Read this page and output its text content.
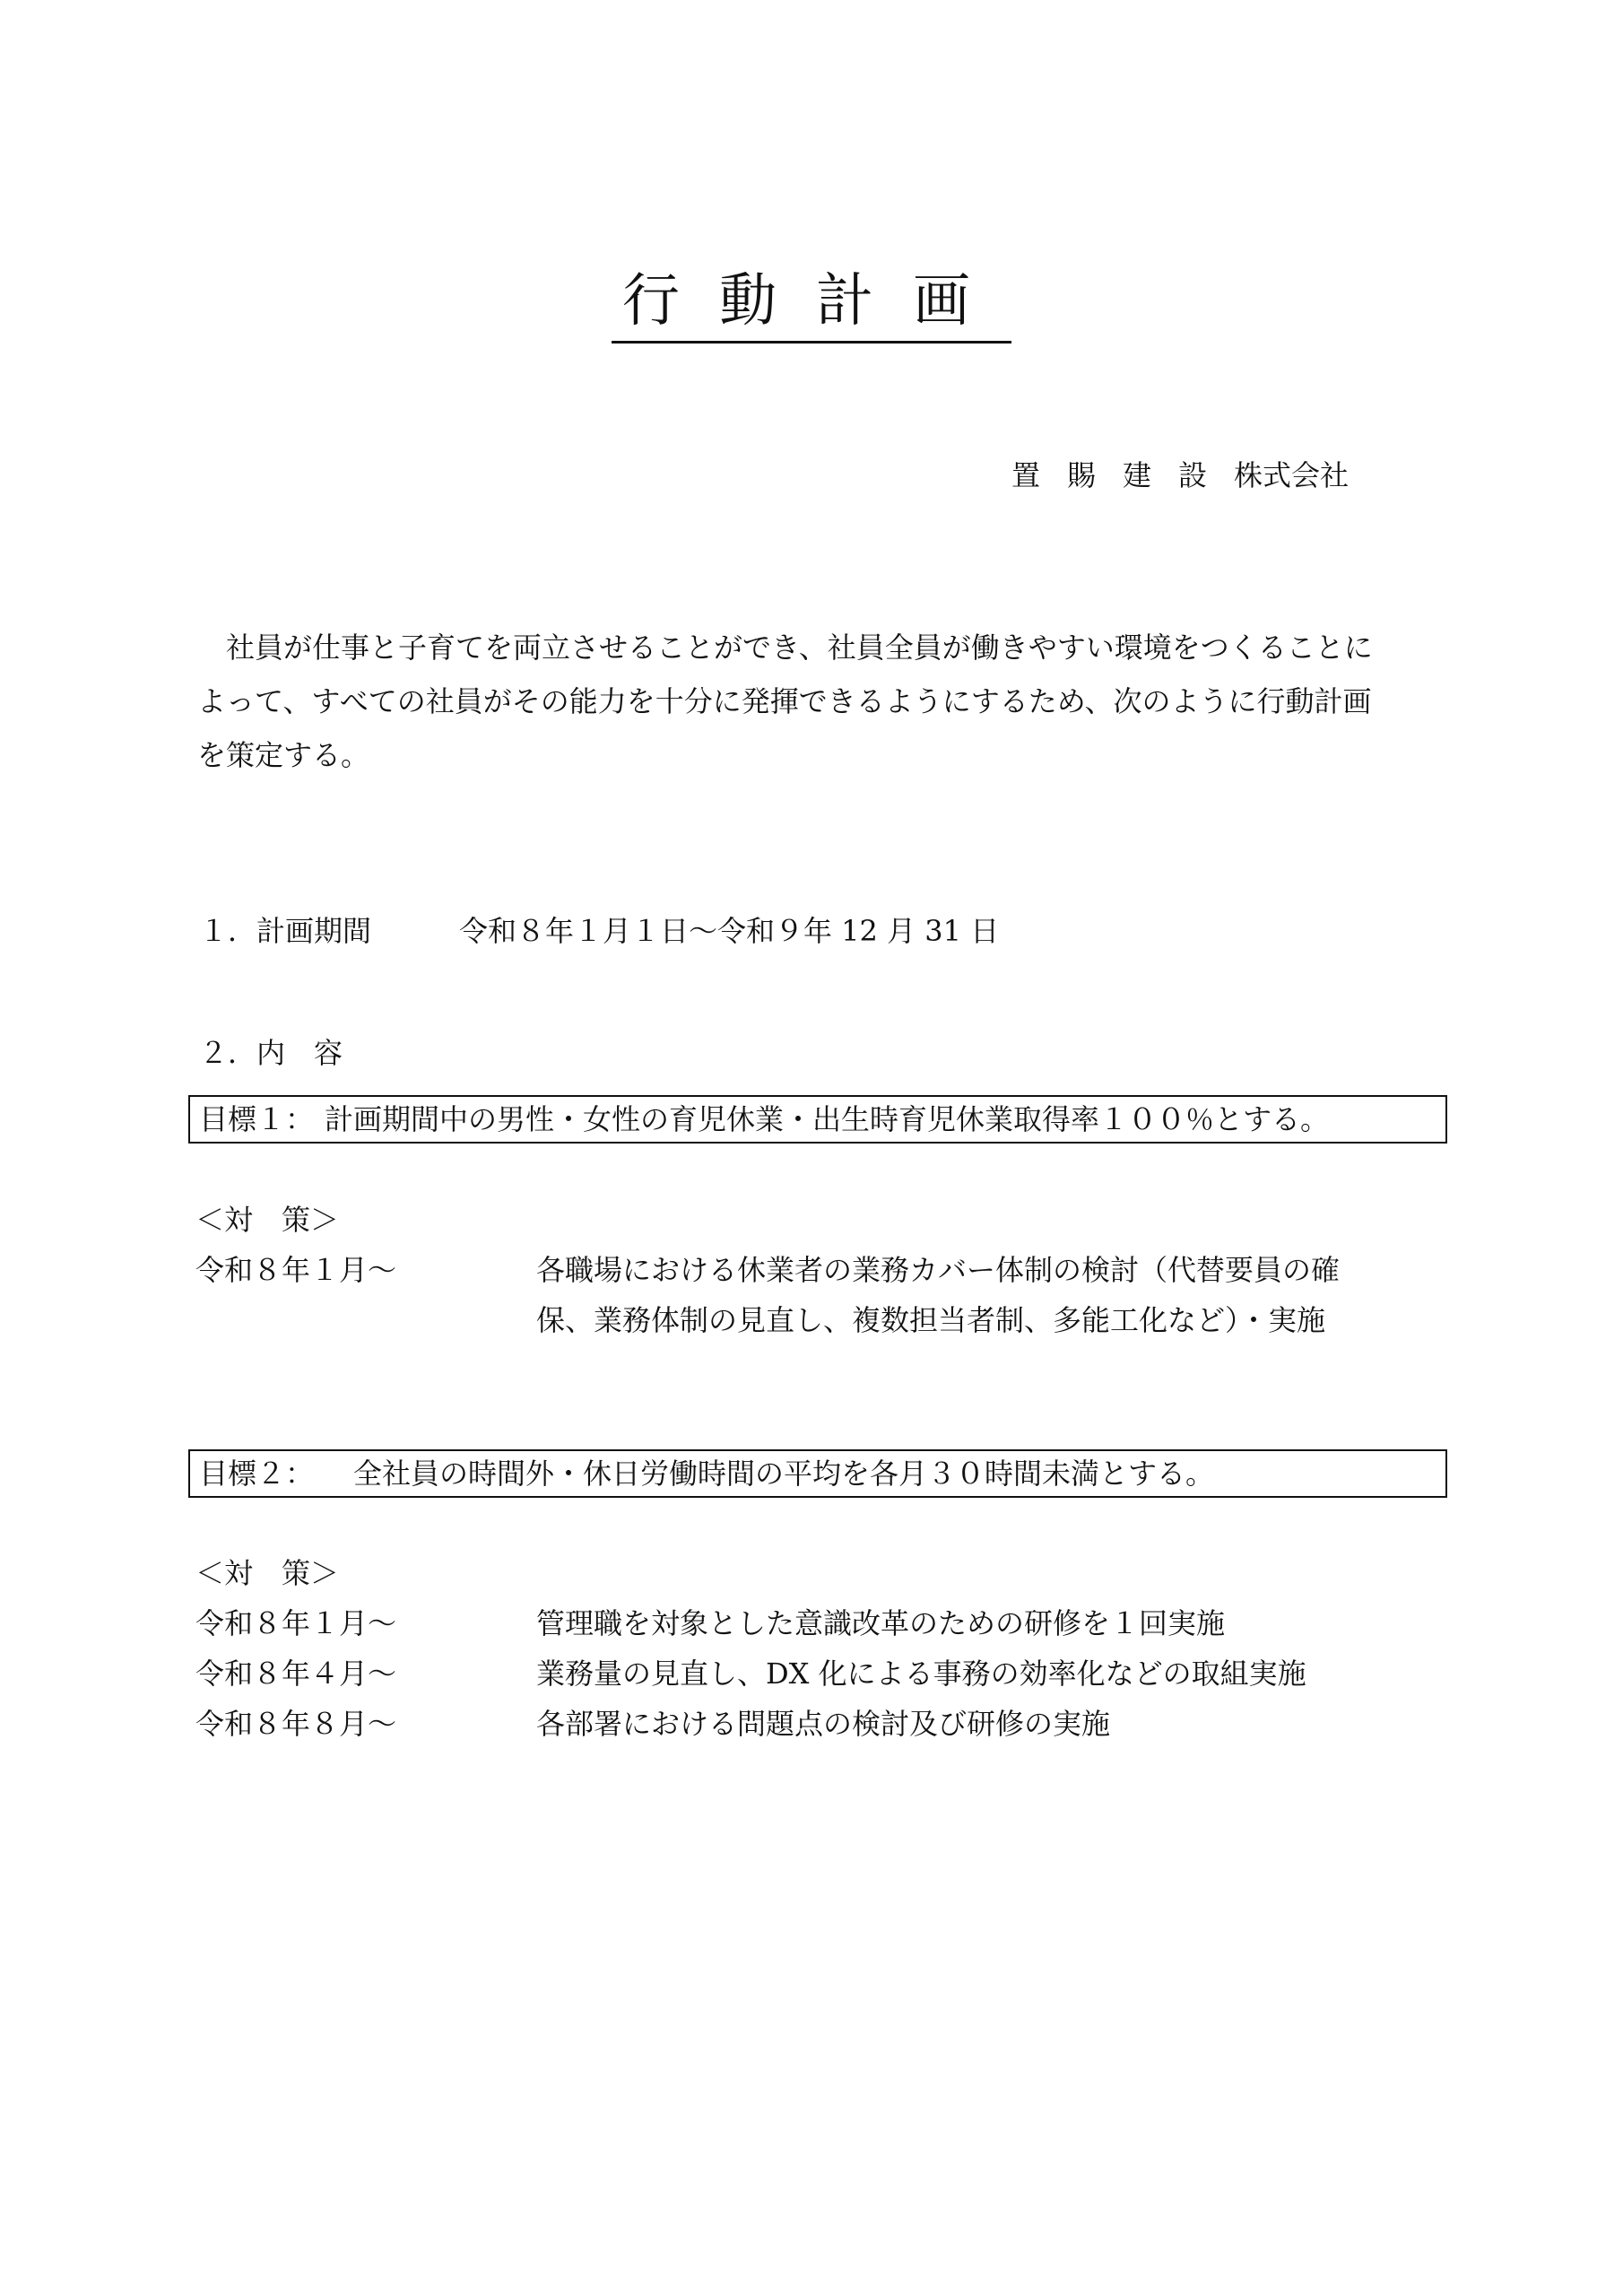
行動計画
置賜建設株式会社

　社員が仕事と子育てを両立させることができ、社員全員が働きやすい環境をつくることに

よって、すべての社員がその能力を十分に発揮できるようにするため、次のように行動計画

を策定する。

１．計画期間	令和８年１月１日～令和９年 12 月 31 日
２．内　容
目標１： 計画期間中の男性・女性の育児休業・出生時育児休業取得率１００％とする。
＜対　策＞
令和８年１月～	各職場における休業者の業務カバー体制の検討（代替要員の確
保、業務体制の見直し、複数担当者制、多能工化など）・実施
目標２： 全社員の時間外・休日労働時間の平均を各月３０時間未満とする。
＜対　策＞
令和８年１月～	管理職を対象とした意識改革のための研修を１回実施
令和８年４月～	業務量の見直し、DX 化による事務の効率化などの取組実施
令和８年８月～	各部署における問題点の検討及び研修の実施
